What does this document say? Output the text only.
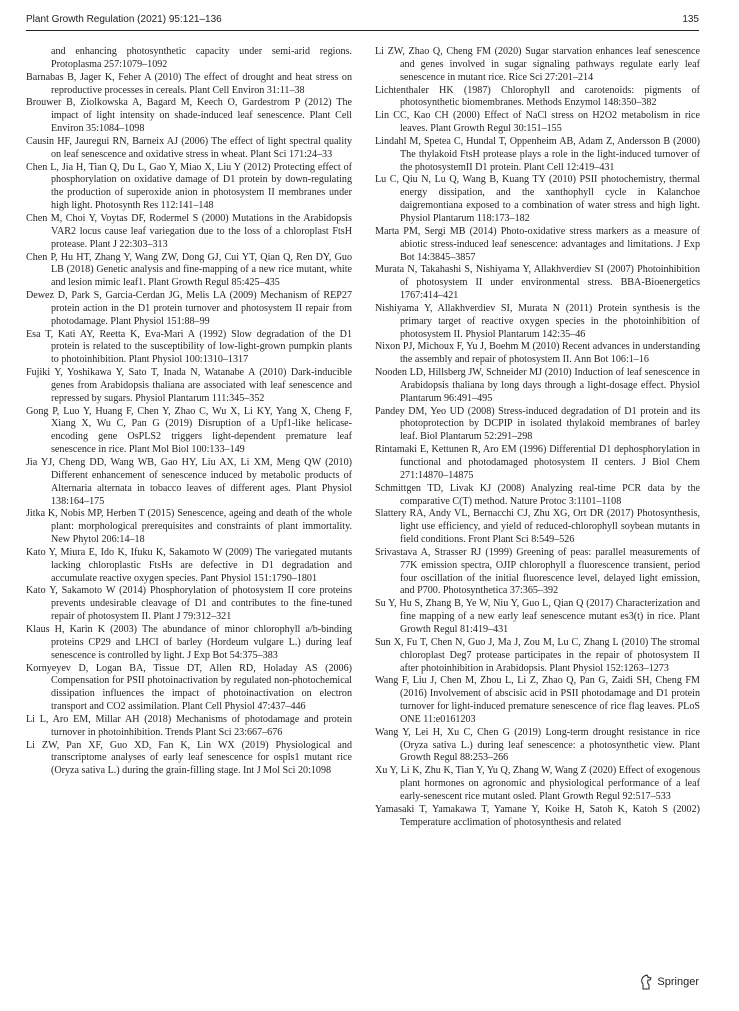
Plant Growth Regulation (2021) 95:121–136	135
and enhancing photosynthetic capacity under semi-arid regions. Protoplasma 257:1079–1092
Barnabas B, Jager K, Feher A (2010) The effect of drought and heat stress on reproductive processes in cereals. Plant Cell Environ 31:11–38
Brouwer B, Ziolkowska A, Bagard M, Keech O, Gardestrom P (2012) The impact of light intensity on shade-induced leaf senescence. Plant Cell Environ 35:1084–1098
Causin HF, Jauregui RN, Barneix AJ (2006) The effect of light spectral quality on leaf senescence and oxidative stress in wheat. Plant Sci 171:24–33
Chen L, Jia H, Tian Q, Du L, Gao Y, Miao X, Liu Y (2012) Protecting effect of phosphorylation on oxidative damage of D1 protein by down-regulating the production of superoxide anion in photosystem II membranes under high light. Photosynth Res 112:141–148
Chen M, Choi Y, Voytas DF, Rodermel S (2000) Mutations in the Arabidopsis VAR2 locus cause leaf variegation due to the loss of a chloroplast FtsH protease. Plant J 22:303–313
Chen P, Hu HT, Zhang Y, Wang ZW, Dong GJ, Cui YT, Qian Q, Ren DY, Guo LB (2018) Genetic analysis and fine-mapping of a new rice mutant, white and lesion mimic leaf1. Plant Growth Regul 85:425–435
Dewez D, Park S, Garcia-Cerdan JG, Melis LA (2009) Mechanism of REP27 protein action in the D1 protein turnover and photosystem II repair from photodamage. Plant Physiol 151:88–99
Esa T, Kati AY, Reetta K, Eva-Mari A (1992) Slow degradation of the D1 protein is related to the susceptibility of low-light-grown pumpkin plants to photoinhibition. Plant Physiol 100:1310–1317
Fujiki Y, Yoshikawa Y, Sato T, Inada N, Watanabe A (2010) Dark-inducible genes from Arabidopsis thaliana are associated with leaf senescence and repressed by sugars. Physiol Plantarum 111:345–352
Gong P, Luo Y, Huang F, Chen Y, Zhao C, Wu X, Li KY, Yang X, Cheng F, Xiang X, Wu C, Pan G (2019) Disruption of a Upf1-like helicase-encoding gene OsPLS2 triggers light-dependent premature leaf senescence in rice. Plant Mol Biol 100:133–149
Jia YJ, Cheng DD, Wang WB, Gao HY, Liu AX, Li XM, Meng QW (2010) Different enhancement of senescence induced by metabolic products of Alternaria alternata in tobacco leaves of different ages. Plant Physiol 138:164–175
Jitka K, Nobis MP, Herben T (2015) Senescence, ageing and death of the whole plant: morphological prerequisites and constraints of plant immortality. New Phytol 206:14–18
Kato Y, Miura E, Ido K, Ifuku K, Sakamoto W (2009) The variegated mutants lacking chloroplastic FtsHs are defective in D1 degradation and accumulate reactive oxygen species. Pant Physiol 151:1790–1801
Kato Y, Sakamoto W (2014) Phosphorylation of photosystem II core proteins prevents undesirable cleavage of D1 and contributes to the fine-tuned repair of photosystem II. Plant J 79:312–321
Klaus H, Karin K (2003) The abundance of minor chlorophyll a/b-binding proteins CP29 and LHCI of barley (Hordeum vulgare L.) during leaf senescence is controlled by light. J Exp Bot 54:375–383
Kornyeyev D, Logan BA, Tissue DT, Allen RD, Holaday AS (2006) Compensation for PSII photoinactivation by regulated non-photochemical dissipation influences the impact of photoinactivation on electron transport and CO2 assimilation. Plant Cell Physiol 47:437–446
Li L, Aro EM, Millar AH (2018) Mechanisms of photodamage and protein turnover in photoinhibition. Trends Plant Sci 23:667–676
Li ZW, Pan XF, Guo XD, Fan K, Lin WX (2019) Physiological and transcriptome analyses of early leaf senescence for ospls1 mutant rice (Oryza sativa L.) during the grain-filling stage. Int J Mol Sci 20:1098
Li ZW, Zhao Q, Cheng FM (2020) Sugar starvation enhances leaf senescence and genes involved in sugar signaling pathways regulate early leaf senescence in mutant rice. Rice Sci 27:201–214
Lichtenthaler HK (1987) Chlorophyll and carotenoids: pigments of photosynthetic biomembranes. Methods Enzymol 148:350–382
Lin CC, Kao CH (2000) Effect of NaCl stress on H2O2 metabolism in rice leaves. Plant Growth Regul 30:151–155
Lindahl M, Spetea C, Hundal T, Oppenheim AB, Adam Z, Andersson B (2000) The thylakoid FtsH protease plays a role in the light-induced turnover of the photosystemII D1 protein. Plant Cell 12:419–431
Lu C, Qiu N, Lu Q, Wang B, Kuang TY (2010) PSII photochemistry, thermal energy dissipation, and the xanthophyll cycle in Kalanchoe daigremontiana exposed to a combination of water stress and high light. Physiol Plantarum 118:173–182
Marta PM, Sergi MB (2014) Photo-oxidative stress markers as a measure of abiotic stress-induced leaf senescence: advantages and limitations. J Exp Bot 14:3845–3857
Murata N, Takahashi S, Nishiyama Y, Allakhverdiev SI (2007) Photoinhibition of photosystem II under environmental stress. BBA-Bioenergetics 1767:414–421
Nishiyama Y, Allakhverdiev SI, Murata N (2011) Protein synthesis is the primary target of reactive oxygen species in the photoinhibition of photosystem II. Physiol Plantarum 142:35–46
Nixon PJ, Michoux F, Yu J, Boehm M (2010) Recent advances in understanding the assembly and repair of photosystem II. Ann Bot 106:1–16
Nooden LD, Hillsberg JW, Schneider MJ (2010) Induction of leaf senescence in Arabidopsis thaliana by long days through a light-dosage effect. Physiol Plantarum 96:491–495
Pandey DM, Yeo UD (2008) Stress-induced degradation of D1 protein and its photoprotection by DCPIP in isolated thylakoid membranes of barley leaf. Biol Plantarum 52:291–298
Rintamaki E, Kettunen R, Aro EM (1996) Differential D1 dephosphorylation in functional and photodamaged photosystem II centers. J Biol Chem 271:14870–14875
Schmittgen TD, Livak KJ (2008) Analyzing real-time PCR data by the comparative C(T) method. Nature Protoc 3:1101–1108
Slattery RA, Andy VL, Bernacchi CJ, Zhu XG, Ort DR (2017) Photosynthesis, light use efficiency, and yield of reduced-chlorophyll soybean mutants in field conditions. Front Plant Sci 8:549–526
Srivastava A, Strasser RJ (1999) Greening of peas: parallel measurements of 77K emission spectra, OJIP chlorophyll a fluorescence transient, period four oscillation of the initial fluorescence level, delayed light emission, and P700. Photosynthetica 37:365–392
Su Y, Hu S, Zhang B, Ye W, Niu Y, Guo L, Qian Q (2017) Characterization and fine mapping of a new early leaf senescence mutant es3(t) in rice. Plant Growth Regul 81:419–431
Sun X, Fu T, Chen N, Guo J, Ma J, Zou M, Lu C, Zhang L (2010) The stromal chloroplast Deg7 protease participates in the repair of photosystem II after photoinhibition in Arabidopsis. Plant Physiol 152:1263–1273
Wang F, Liu J, Chen M, Zhou L, Li Z, Zhao Q, Pan G, Zaidi SH, Cheng FM (2016) Involvement of abscisic acid in PSII photodamage and D1 protein turnover for light-induced premature senescence of rice flag leaves. PLoS ONE 11:e0161203
Wang Y, Lei H, Xu C, Chen G (2019) Long-term drought resistance in rice (Oryza sativa L.) during leaf senescence: a photosynthetic view. Plant Growth Regul 88:253–266
Xu Y, Li K, Zhu K, Tian Y, Yu Q, Zhang W, Wang Z (2020) Effect of exogenous plant hormones on agronomic and physiological performance of a leaf early-senescent rice mutant osled. Plant Growth Regul 92:517–533
Yamasaki T, Yamakawa T, Yamane Y, Koike H, Satoh K, Katoh S (2002) Temperature acclimation of photosynthesis and related
Springer
